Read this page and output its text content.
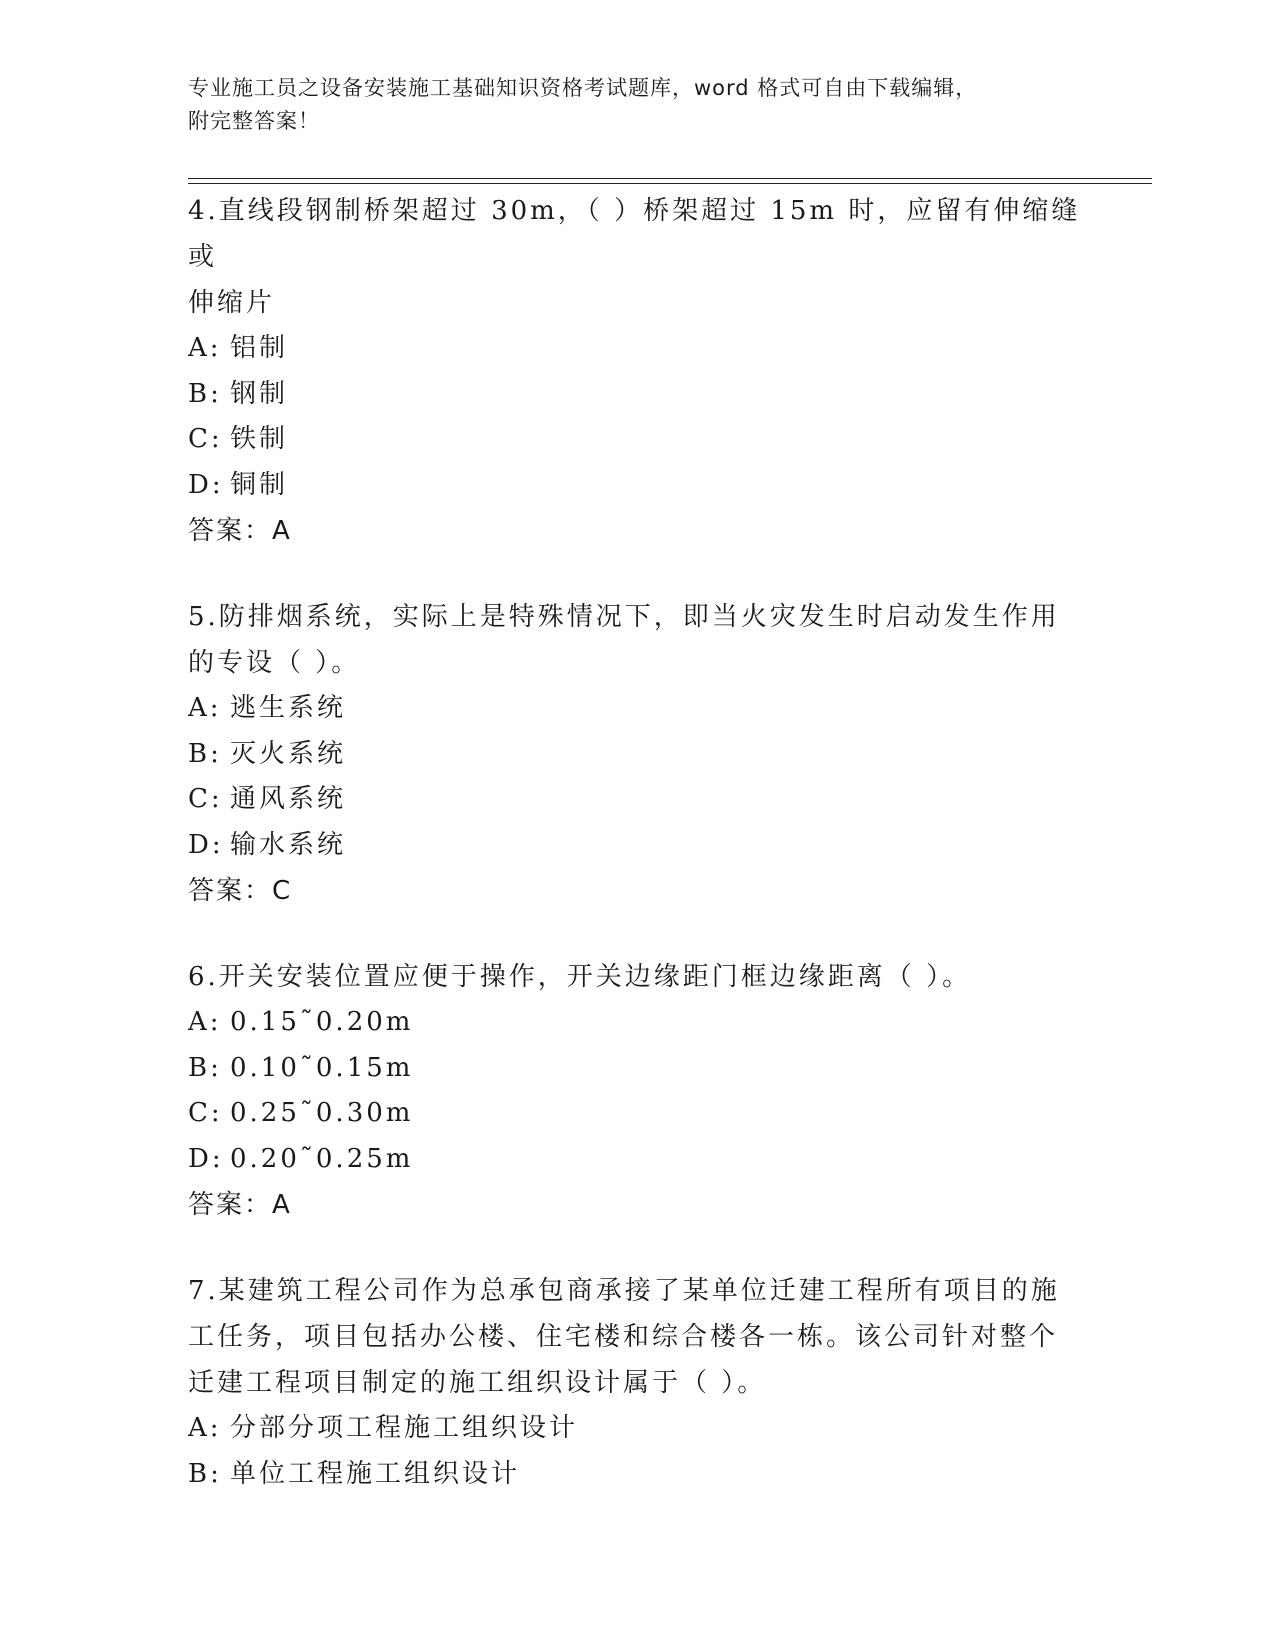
专业施工员之设备安装施工基础知识资格考试题库，word 格式可自由下载编辑，
附完整答案！
4.直线段钢制桥架超过 30m，（ ）桥架超过 15m 时，应留有伸缩缝或
伸缩片
A: 铝制
B: 钢制
C: 铁制
D: 铜制
答案：A
5.防排烟系统，实际上是特殊情况下，即当火灾发生时启动发生作用
的专设（ ）。
A: 逃生系统
B: 灭火系统
C: 通风系统
D: 输水系统
答案：C
6.开关安装位置应便于操作，开关边缘距门框边缘距离（ ）。
A: 0.15˜0.20m
B: 0.10˜0.15m
C: 0.25˜0.30m
D: 0.20˜0.25m
答案：A
7.某建筑工程公司作为总承包商承接了某单位迁建工程所有项目的施
工任务，项目包括办公楼、住宅楼和综合楼各一栋。该公司针对整个
迁建工程项目制定的施工组织设计属于（ ）。
A: 分部分项工程施工组织设计
B: 单位工程施工组织设计
